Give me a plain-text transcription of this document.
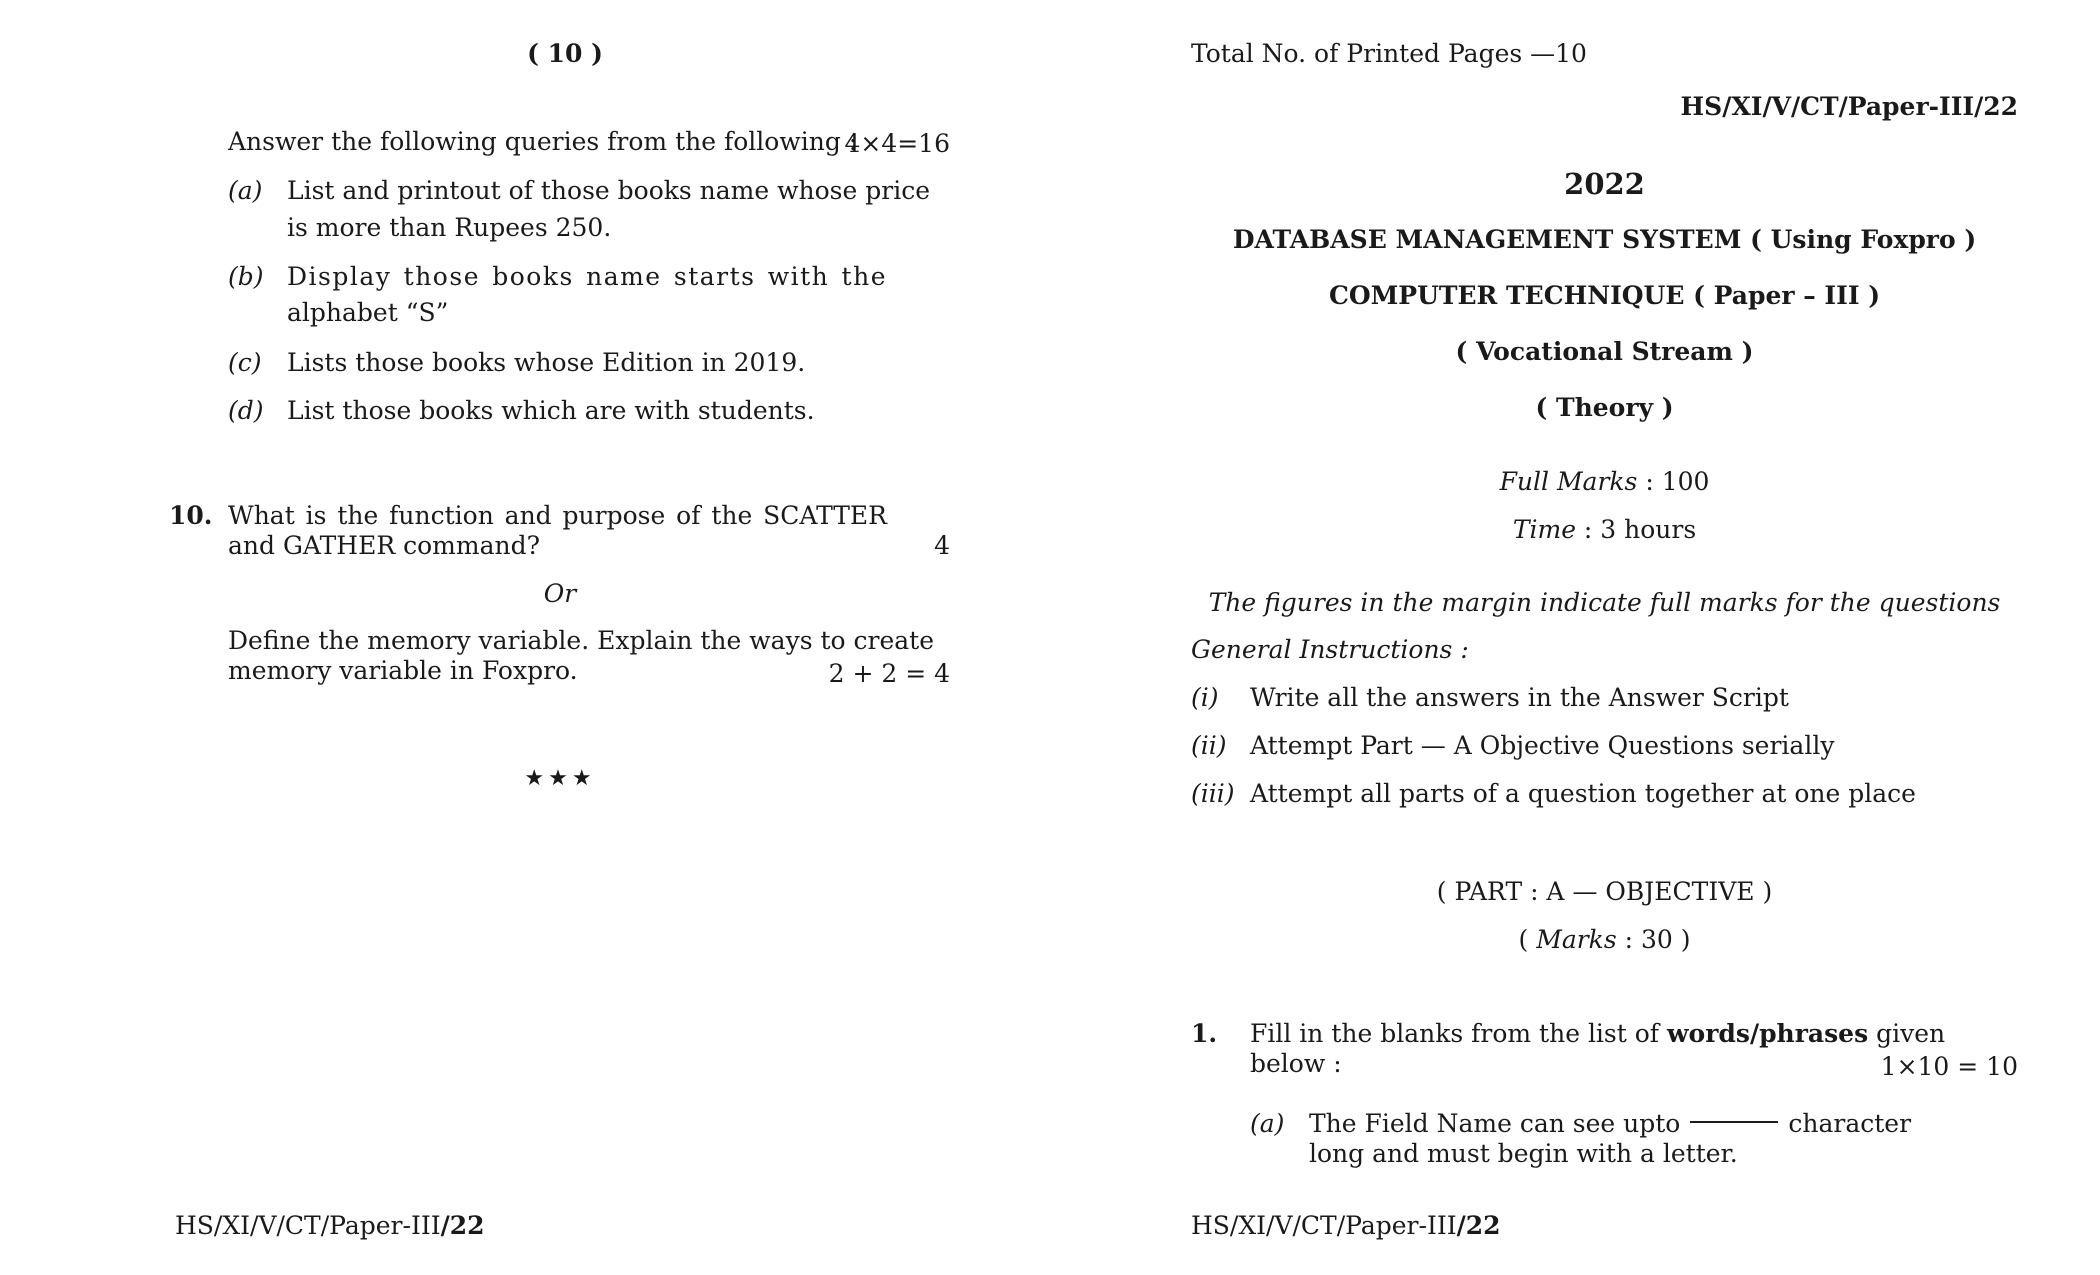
( 10 )
Answer the following queries from the following :
4×4=16
(a) List and printout of those books name whose price
is more than Rupees 250.
(b) Display those books name starts with the
alphabet “S”
(c) Lists those books whose Edition in 2019.
(d) List those books which are with students.
10. What is the function and purpose of the SCATTER
and GATHER command?	4
Or
Define the memory variable. Explain the ways to create
memory variable in Foxpro.	2 + 2 = 4
★★★
HS/XI/V/CT/Paper-III/22
Total No. of Printed Pages —10
HS/XI/V/CT/Paper-III/22
2022
DATABASE MANAGEMENT SYSTEM ( Using Foxpro )
COMPUTER TECHNIQUE ( Paper – III )
( Vocational Stream )
( Theory )
Full Marks : 100
Time : 3 hours
The figures in the margin indicate full marks for the questions
General Instructions :
(i) Write all the answers in the Answer Script
(ii) Attempt Part — A Objective Questions serially
(iii) Attempt all parts of a question together at one place
( PART : A — OBJECTIVE )
( Marks : 30 )
1. Fill in the blanks from the list of words/phrases given
below :	1×10 = 10
(a) The Field Name can see upto	character
long and must begin with a letter.
HS/XI/V/CT/Paper-III/22
